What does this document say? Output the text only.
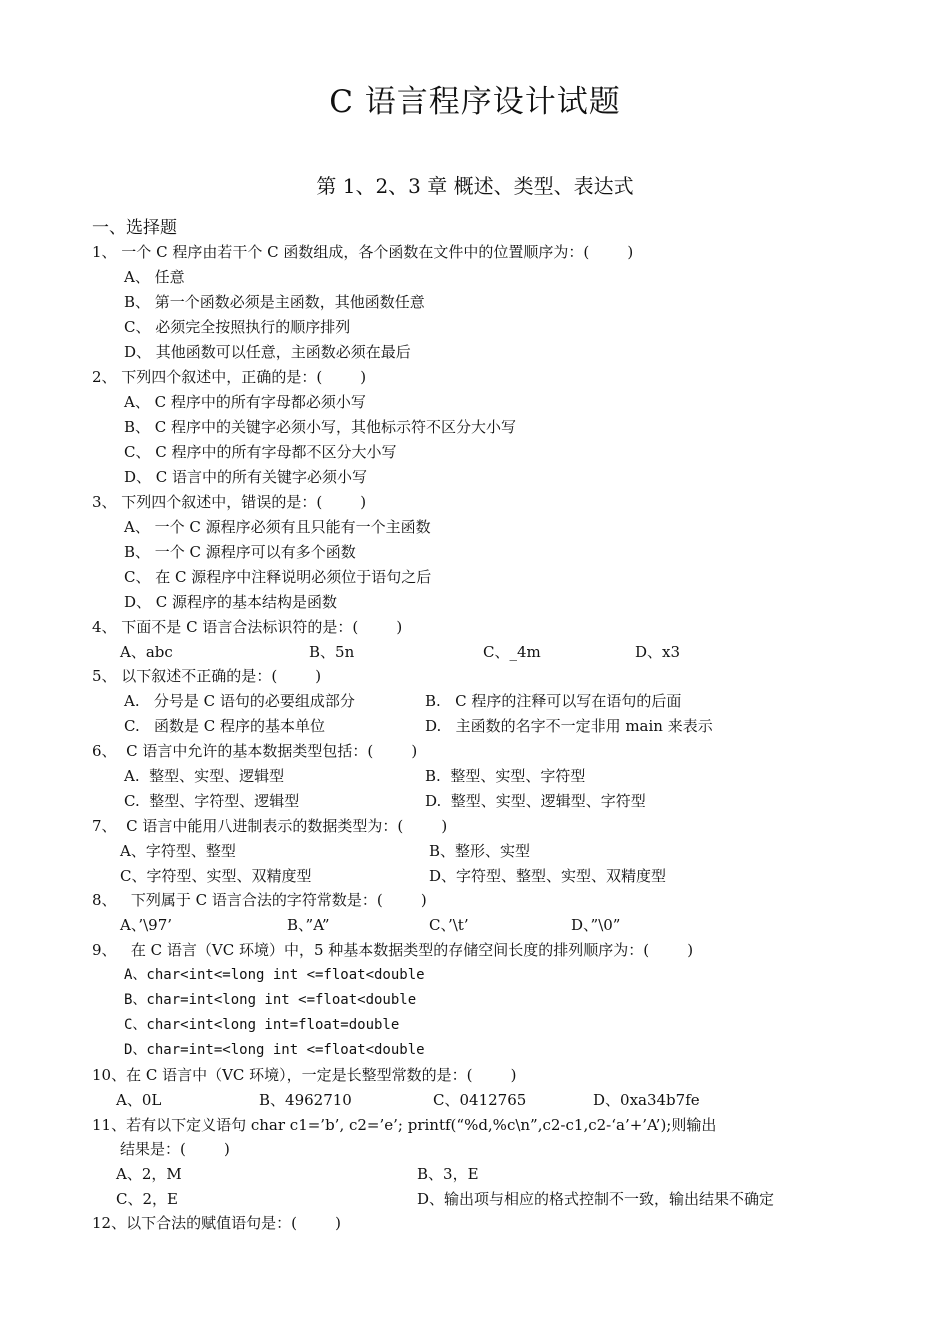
C 语言程序设计试题
第 1、2、3 章 概述、类型、表达式
一、选择题
1、 一个 C 程序由若干个 C 函数组成，各个函数在文件中的位置顺序为：(        )
A、 任意
B、 第一个函数必须是主函数，其他函数任意
C、 必须完全按照执行的顺序排列
D、 其他函数可以任意，主函数必须在最后
2、 下列四个叙述中，正确的是：(        )
A、 C 程序中的所有字母都必须小写
B、 C 程序中的关键字必须小写，其他标示符不区分大小写
C、 C 程序中的所有字母都不区分大小写
D、 C 语言中的所有关键字必须小写
3、 下列四个叙述中，错误的是：(        )
A、 一个 C 源程序必须有且只能有一个主函数
B、 一个 C 源程序可以有多个函数
C、 在 C 源程序中注释说明必须位于语句之后
D、 C 源程序的基本结构是函数
4、 下面不是 C 语言合法标识符的是：(        )
A、abc	B、5n	C、_4m	D、x3
5、 以下叙述不正确的是：(        )
A.   分号是 C 语句的必要组成部分	B.   C 程序的注释可以写在语句的后面
C.   函数是 C 程序的基本单位	D.   主函数的名字不一定非用 main 来表示
6、  C 语言中允许的基本数据类型包括：(        )
A.  整型、实型、逻辑型	B.  整型、实型、字符型
C.  整型、字符型、逻辑型	D.  整型、实型、逻辑型、字符型
7、  C 语言中能用八进制表示的数据类型为：(        )
A、字符型、整型	B、整形、实型
C、字符型、实型、双精度型	D、字符型、整型、实型、双精度型
8、   下列属于 C 语言合法的字符常数是：(        )
A、’\97’	B、”A”	C、’\t’	D、”\0”
9、   在 C 语言（VC 环境）中，5 种基本数据类型的存储空间长度的排列顺序为：(        )
A、char<int<=long int <=float<double
B、char=int<long int <=float<double
C、char<int<long int=float=double
D、char=int=<long int <=float<double
10、在 C 语言中（VC 环境），一定是长整型常数的是：(        )
A、0L	B、4962710	C、0412765	D、0xa34b7fe
11、若有以下定义语句 char c1=’b’, c2=’e’; printf(“%d,%c\n”,c2-c1,c2-‘a’+’A’);则输出
结果是：(        )
A、2，M	B、3，E
C、2，E	D、输出项与相应的格式控制不一致，输出结果不确定
12、以下合法的赋值语句是：(        )
